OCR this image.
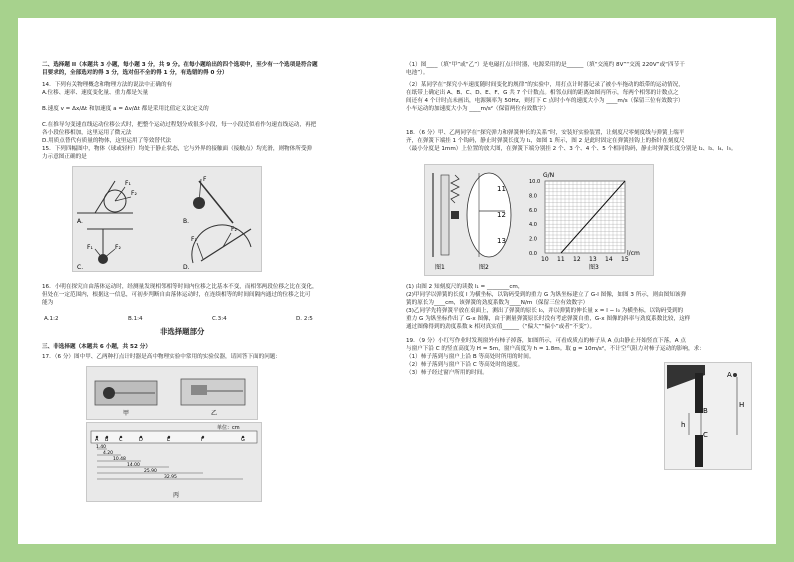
二、选择题 II（本题共 3 小题，每小题 3 分，共 9 分。在每小题给出的四个选项中，至少有一个选项是符合题
目要求的，全部选对的得 3 分，选对但不全的得 1 分，有选错的得 0 分）
14．下列有关物理概念和物理方法的说法中正确的有
A.位移、速率、速度变化量、重力都是矢量
B.速度 v = Δx/Δt 和加速度 a = Δv/Δt 都是采用比值定义法定义的
C.在推导匀变速直线运动位移公式时，把整个运动过程划分成很多小段，每一小段近似看作匀速直线运动，再把
各小段位移相加，这里运用了微元法
D.用质点替代有质量的物体，这里运用了等效替代法
15．下列四幅图中，物体（球或轻杆）均处于静止状态，它与外界的接触面（接触点）均光滑，则物体所受弹
力示意图正确的是
A.
F₁
F₂
B.
F
C.
F₁	F₂
D.
F₁
F₂
16．小明在探究自由落体运动时，经测量发现相邻相等时间内位移之比基本不变，而相邻两段位移之比在变化，
但处在一定范围内，根据这一信息，可初步判断自由落体运动时，在连续相等的时间间隔内通过的位移之比可
能为
A.1:2	B.1:4	C.3:4	D. 2:5
非选择题部分
三、非选择题（本题共 6 小题，共 52 分）
17．（6 分）图中甲、乙两种打点计时器是高中物理实验中常用的实验仪器，请回答下面的问题：
甲	乙
单位：cm
A B C	D	E	F	G
1.40
4.20
10.48
14.00
25.90
32.95
丙
（1）图____（填“甲”或“乙”）是电磁打点计时器，电源采用的是______（填“交流约 8V”“交流 220V”或“四节干
电池”）。
（2）某同学在“探究小车速度随时间变化的规律”的实验中，用打点计时器记录了被小车拖动的纸带的运动情况，
在纸带上确定出 A、B、C、D、E、F、G 共 7 个计数点。相邻点间的距离如图丙所示，每两个相邻的计数点之
间还有 4 个计时点未画出，电源频率为 50Hz，则打下 C 点时小车的速度大小为 ____m/s（保留三位有效数字）
小车运动的加速度大小为 ____m/s²（保留两位有效数字）
18．（6 分）甲、乙两同学在“探究弹力和弹簧伸长的关系”时，安装好实验装置，让刻度尺零刻度线与弹簧上端平
齐，在弹簧下端挂 1 个钩码，静止时弹簧长度为 l₁，如图 1 所示，图 2 是此时固定在弹簧挂钩上的指针在刻度尺
（最小分度是 1mm）上位置的放大图，在弹簧下端分别挂 2 个、3 个、4 个、5 个相同钩码，静止时弹簧长度分别是 l₂、l₃、l₄、l₅。
图1
11
12
13
图2	图3
10 11 12 13 14 15
0.0
2.0
4.0
6.0
8.0
10.0
G/N
l/cm
(1) 由图 2 知刻度尺的读数 l₁ = ________cm，
(2)甲同学以弹簧的长度 l 为横坐标，以钩码受到的重力 G 为纵坐标建立了 G-l 图像，如图 3 所示，则由图知该弹
簧的原长为____cm，该弹簧的劲度系数为____N/m（保留三位有效数字）
(3)乙同学先将弹簧平放在桌面上，测出了弹簧的原长 l₀，并以弹簧的伸长量 x = l − l₀ 为横坐标，以钩码受到的
重力 G 为纵坐标作出了 G-x 图像，由于测量弹簧原长时没有考虑弹簧自重，G-x 图像的斜率与劲度系数比较，这样
通过图像得到的劲度系数 k 相对真实值______（“偏大”“偏小”或者“不变”）。
19．（9 分）小红写作业时发现窗外有柿子掉落，如图所示，可看成质点的柿子从 A 点由静止开始竖直下落，A 点
与窗户下沿 C 的竖直高度为 H = 5m，窗户高度为 h = 1.8m。取 g = 10m/s²，不计空气阻力对柿子运动的影响，求：
（1）柿子落到与窗户上沿 B 等高处时所用的时间。
（2）柿子落到与窗户下沿 C 等高处时的速度。
（3）柿子经过窗户所用的时间。	A
B
C
H
h
